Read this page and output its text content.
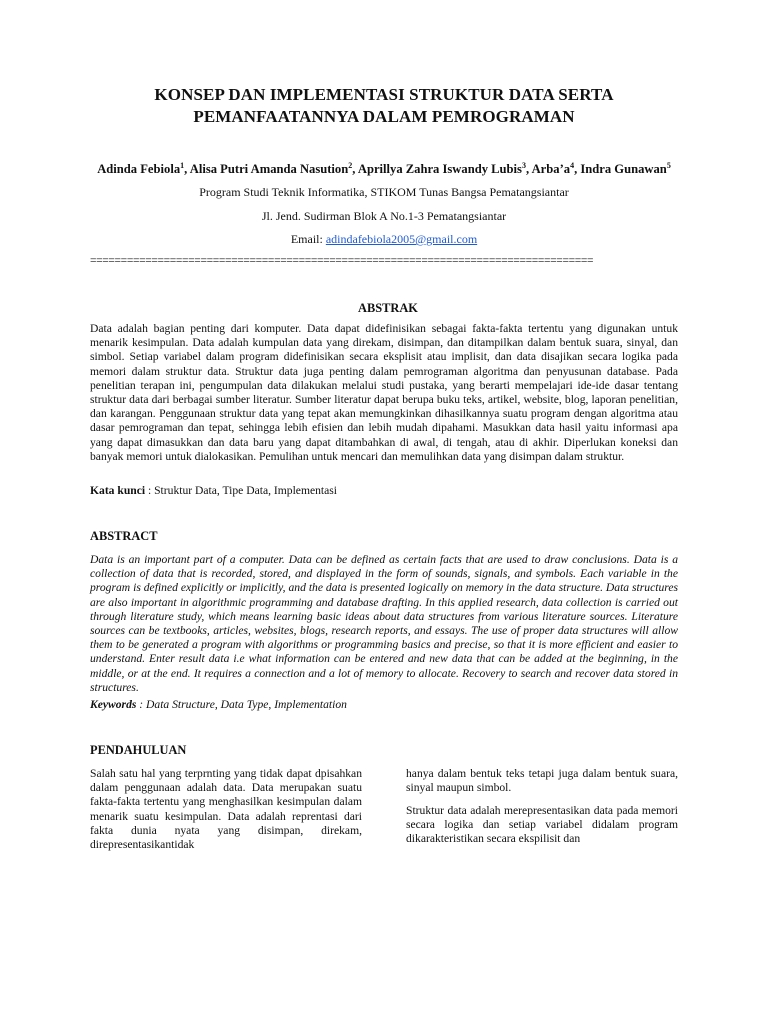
KONSEP DAN IMPLEMENTASI STRUKTUR DATA SERTA
PEMANFAATANNYA DALAM PEMROGRAMAN
Adinda Febiola$^1$, Alisa Putri Amanda Nasution$^2$, Aprillya Zahra Iswandy Lubis$^3$, $Arba’a^4$, Indra Gunawan$^5$
Program Studi Teknik Informatika, STIKOM Tunas Bangsa Pematangsiantar
Jl. Jend. Sudirman Blok A No.1-3 Pematangsiantar
Email: adindafebiola2005@gmail.com
==================================================================================
ABSTRAK
Data adalah bagian penting dari komputer. Data dapat didefinisikan sebagai fakta-fakta tertentu yang digunakan untuk menarik kesimpulan. Data adalah kumpulan data yang direkam, disimpan, dan ditampilkan dalam bentuk suara, sinyal, dan simbol. Setiap variabel dalam program didefinisikan secara eksplisit atau implisit, dan data disajikan secara logika pada memori dalam struktur data. Struktur data juga penting dalam pemrograman algoritma dan penyusunan database. Pada penelitian terapan ini, pengumpulan data dilakukan melalui studi pustaka, yang berarti mempelajari ide-ide dasar tentang struktur data dari berbagai sumber literatur. Sumber literatur dapat berupa buku teks, artikel, website, blog, laporan penelitian, dan karangan. Penggunaan struktur data yang tepat akan memungkinkan dihasilkannya suatu program dengan algoritma atau dasar pemrograman dan tepat, sehingga lebih efisien dan lebih mudah dipahami. Masukkan data hasil yaitu informasi apa yang dapat dimasukkan dan data baru yang dapat ditambahkan di awal, di tengah, atau di akhir. Diperlukan koneksi dan banyak memori untuk dialokasikan. Pemulihan untuk mencari dan memulihkan data yang disimpan dalam struktur.
Kata kunci : Struktur Data, Tipe Data, Implementasi
ABSTRACT
Data is an important part of a computer. Data can be defined as certain facts that are used to draw conclusions. Data is a collection of data that is recorded, stored, and displayed in the form of sounds, signals, and symbols. Each variable in the program is defined explicitly or implicitly, and the data is presented logically on memory in the data structure. Data structures are also important in algorithmic programming and database drafting. In this applied research, data collection is carried out through literature study, which means learning basic ideas about data structures from various literature sources. Literature sources can be textbooks, articles, websites, blogs, research reports, and essays. The use of proper data structures will allow them to be generated a program with algorithms or programming basics and precise, so that it is more efficient and easier to understand. Enter result data i.e what information can be entered and new data that can be added at the beginning, in the middle, or at the end. It requires a connection and a lot of memory to allocate. Recovery to search and recover data stored in structures.
Keywords : Data Structure, Data Type, Implementation
PENDAHULUAN
Salah satu hal yang terprnting yang tidak dapat dpisahkan dalam penggunaan adalah data. Data merupakan suatu fakta-fakta tertentu yang menghasilkan kesimpulan dalam menarik suatu kesimpulan. Data adalah reprentasi dari fakta dunia nyata yang disimpan, direkam, direpresentasikantidak
hanya dalam bentuk teks tetapi juga dalam bentuk suara, sinyal maupun simbol.
Struktur data adalah merepresentasikan data pada memori secara logika dan setiap variabel didalam program dikarakteristikan secara ekspilisit dan
